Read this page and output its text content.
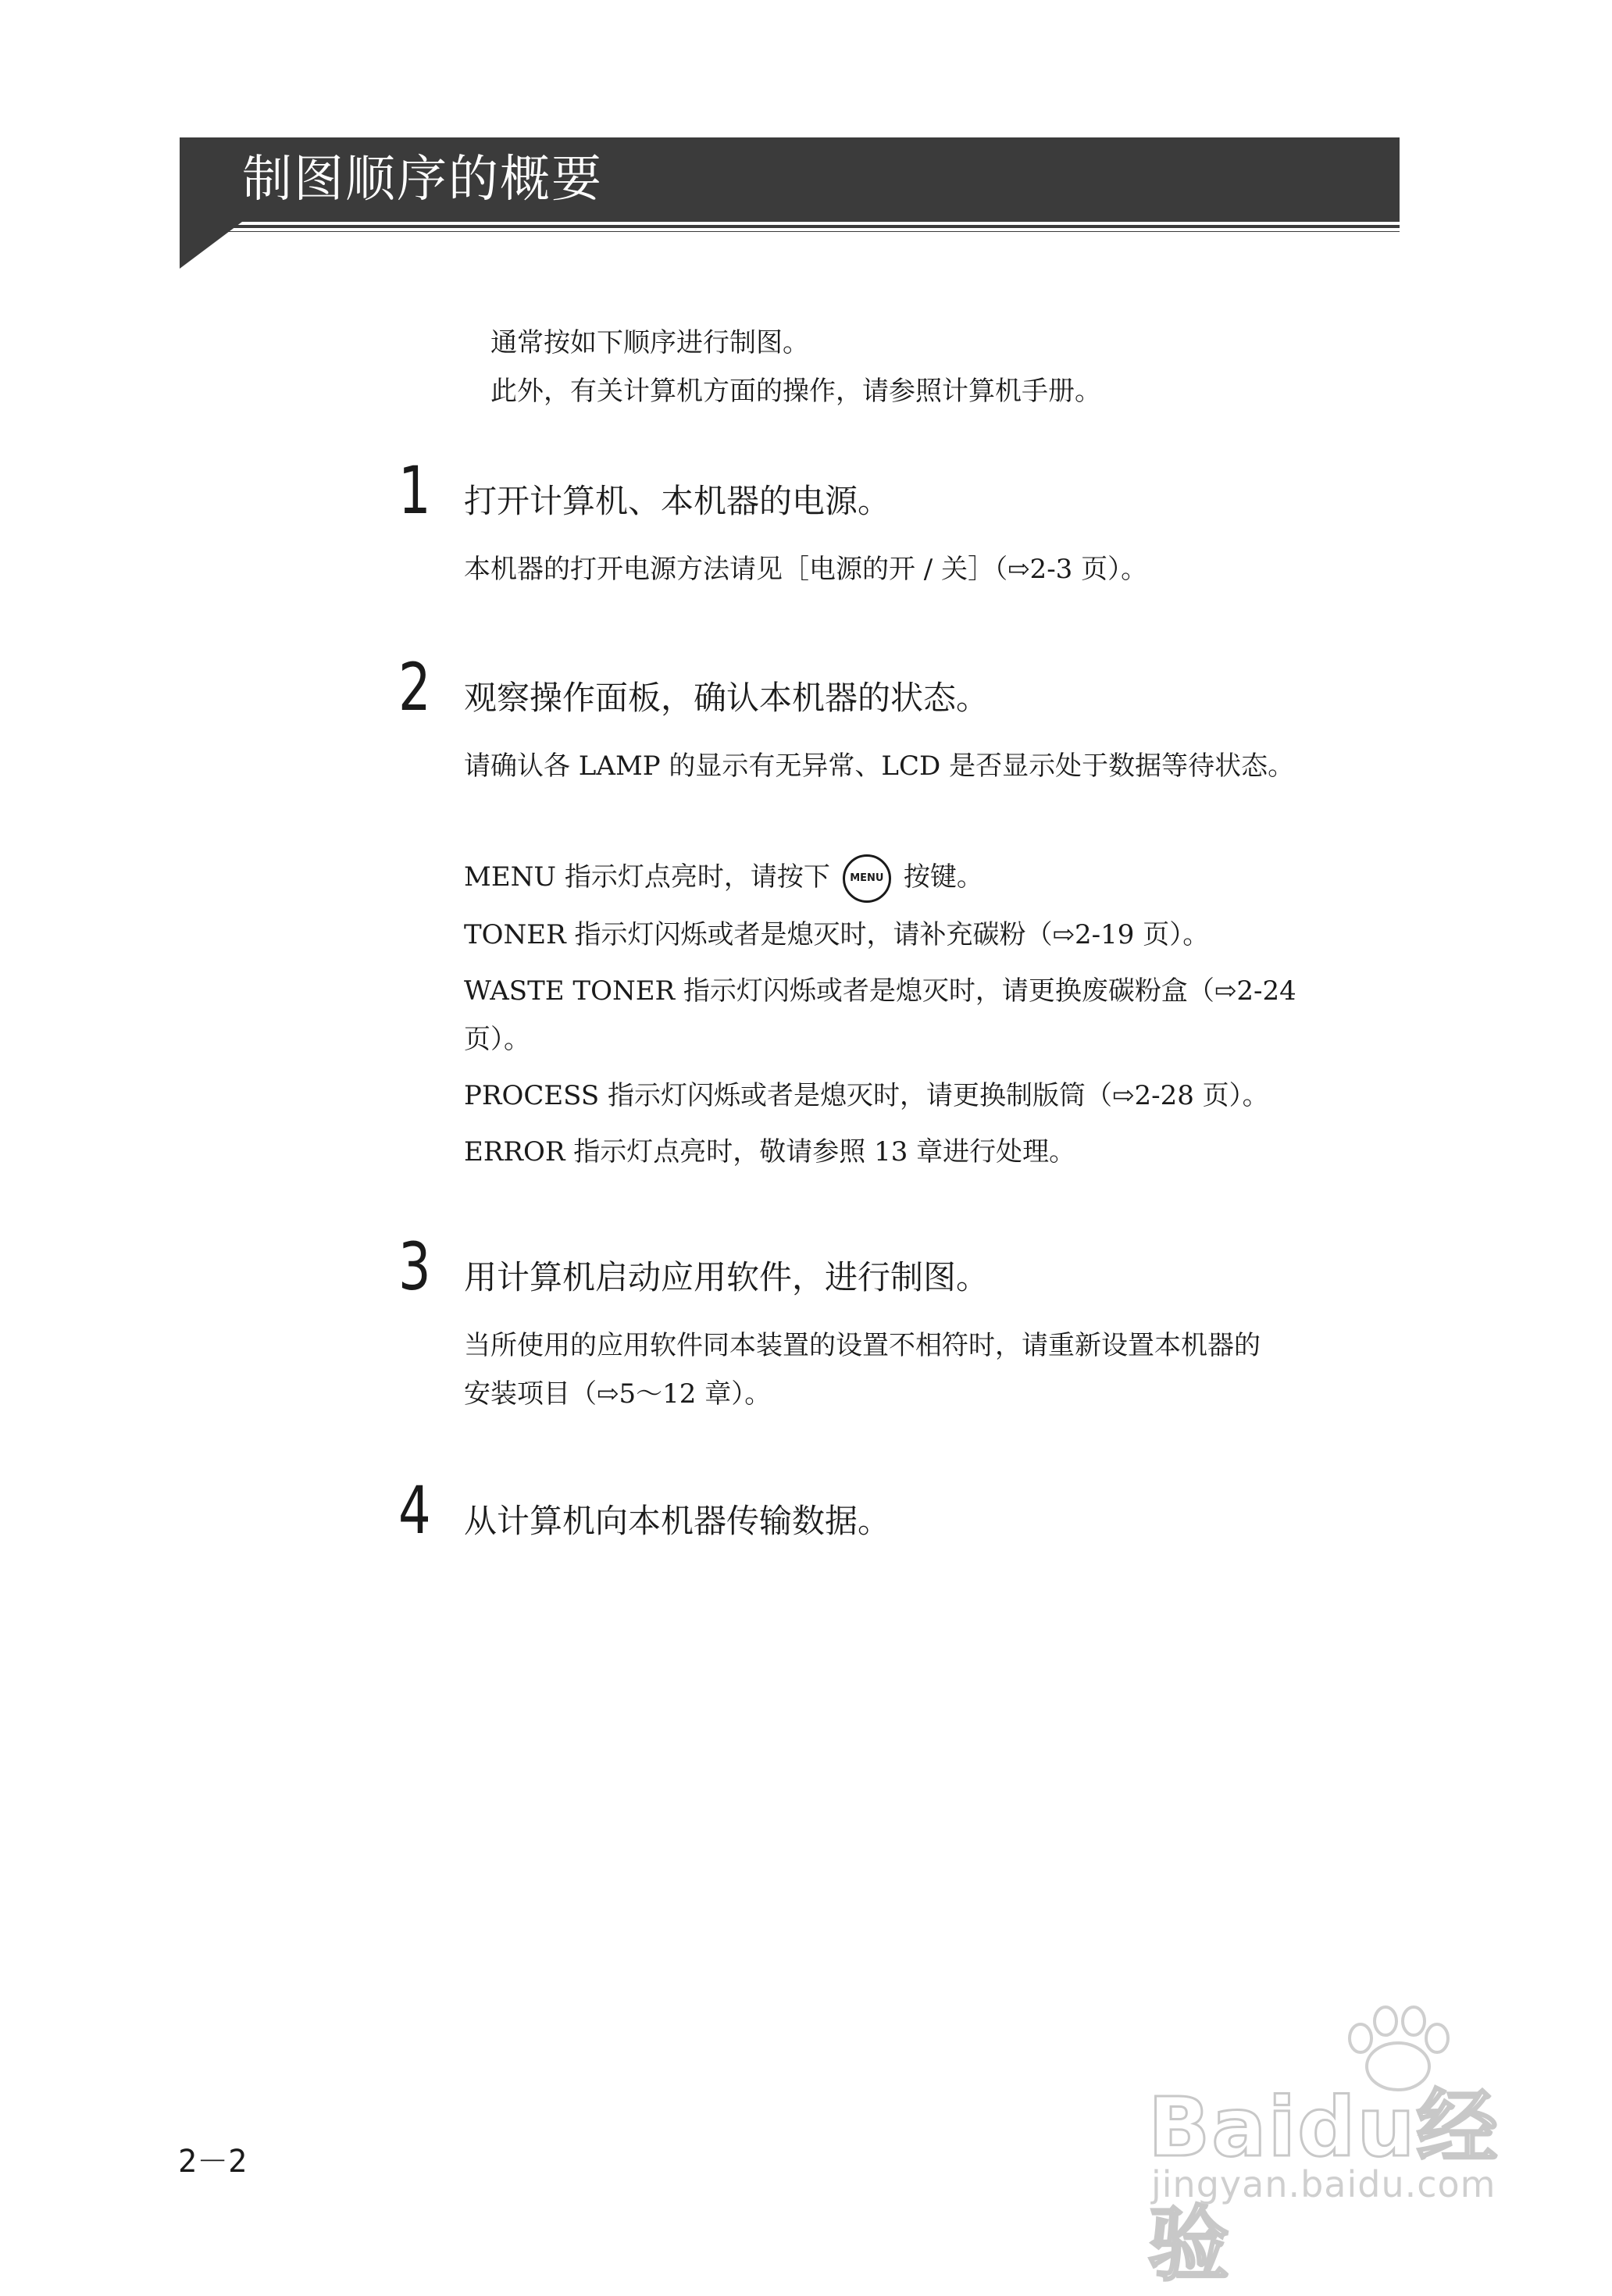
制图顺序的概要
通常按如下顺序进行制图。
此外，有关计算机方面的操作，请参照计算机手册。
1 打开计算机、本机器的电源。
本机器的打开电源方法请见［电源的开 / 关］（⇨2-3 页）。
2 观察操作面板，确认本机器的状态。
请确认各 LAMP 的显示有无异常、LCD 是否显示处于数据等待状态。
MENU 指示灯点亮时，请按下 MENU 按键。
TONER 指示灯闪烁或者是熄灭时，请补充碳粉（⇨2-19 页）。
WASTE TONER 指示灯闪烁或者是熄灭时，请更换废碳粉盒（⇨2-24
页）。
PROCESS 指示灯闪烁或者是熄灭时，请更换制版筒（⇨2-28 页）。
ERROR 指示灯点亮时，敬请参照 13 章进行处理。
3 用计算机启动应用软件，进行制图。
当所使用的应用软件同本装置的设置不相符时，请重新设置本机器的
安装项目（⇨5～12 章）。
4 从计算机向本机器传输数据。
2－2	Baidu经验
jingyan.baidu.com
